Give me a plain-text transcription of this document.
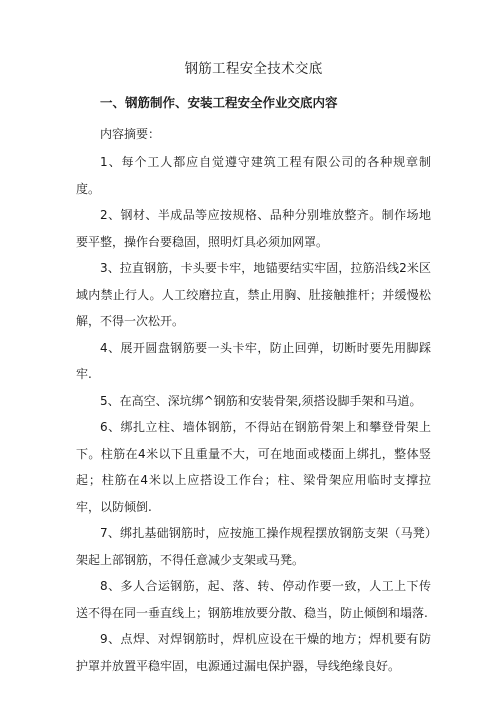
钢筋工程安全技术交底
一、钢筋制作、安装工程安全作业交底内容

内容摘要：

1、每个工人都应自觉遵守建筑工程有限公司的各种规章制度。

2、钢材、半成品等应按规格、品种分别堆放整齐。制作场地要平整，操作台要稳固，照明灯具必须加网罩。

3、拉直钢筋，卡头要卡牢，地锚要结实牢固，拉筋沿线2米区域内禁止行人。人工绞磨拉直，禁止用胸、肚接触推杆；并缓慢松解，不得一次松开。

4、展开圆盘钢筋要一头卡牢，防止回弹，切断时要先用脚踩牢.

5、在高空、深坑绑^钢筋和安装骨架,须搭设脚手架和马道。

6、绑扎立柱、墙体钢筋，不得站在钢筋骨架上和攀登骨架上下。柱筋在4米以下且重量不大，可在地面或楼面上绑扎，整体竖起；柱筋在4米以上应搭设工作台；柱、梁骨架应用临时支撑拉牢，以防倾倒.

7、绑扎基础钢筋时，应按施工操作规程摆放钢筋支架（马凳）架起上部钢筋，不得任意减少支架或马凳。

8、多人合运钢筋，起、落、转、停动作要一致，人工上下传送不得在同一垂直线上；钢筋堆放要分散、稳当，防止倾倒和塌落.

9、点焊、对焊钢筋时，焊机应设在干燥的地方；焊机要有防护罩并放置平稳牢固，电源通过漏电保护器，导线绝缘良好。
